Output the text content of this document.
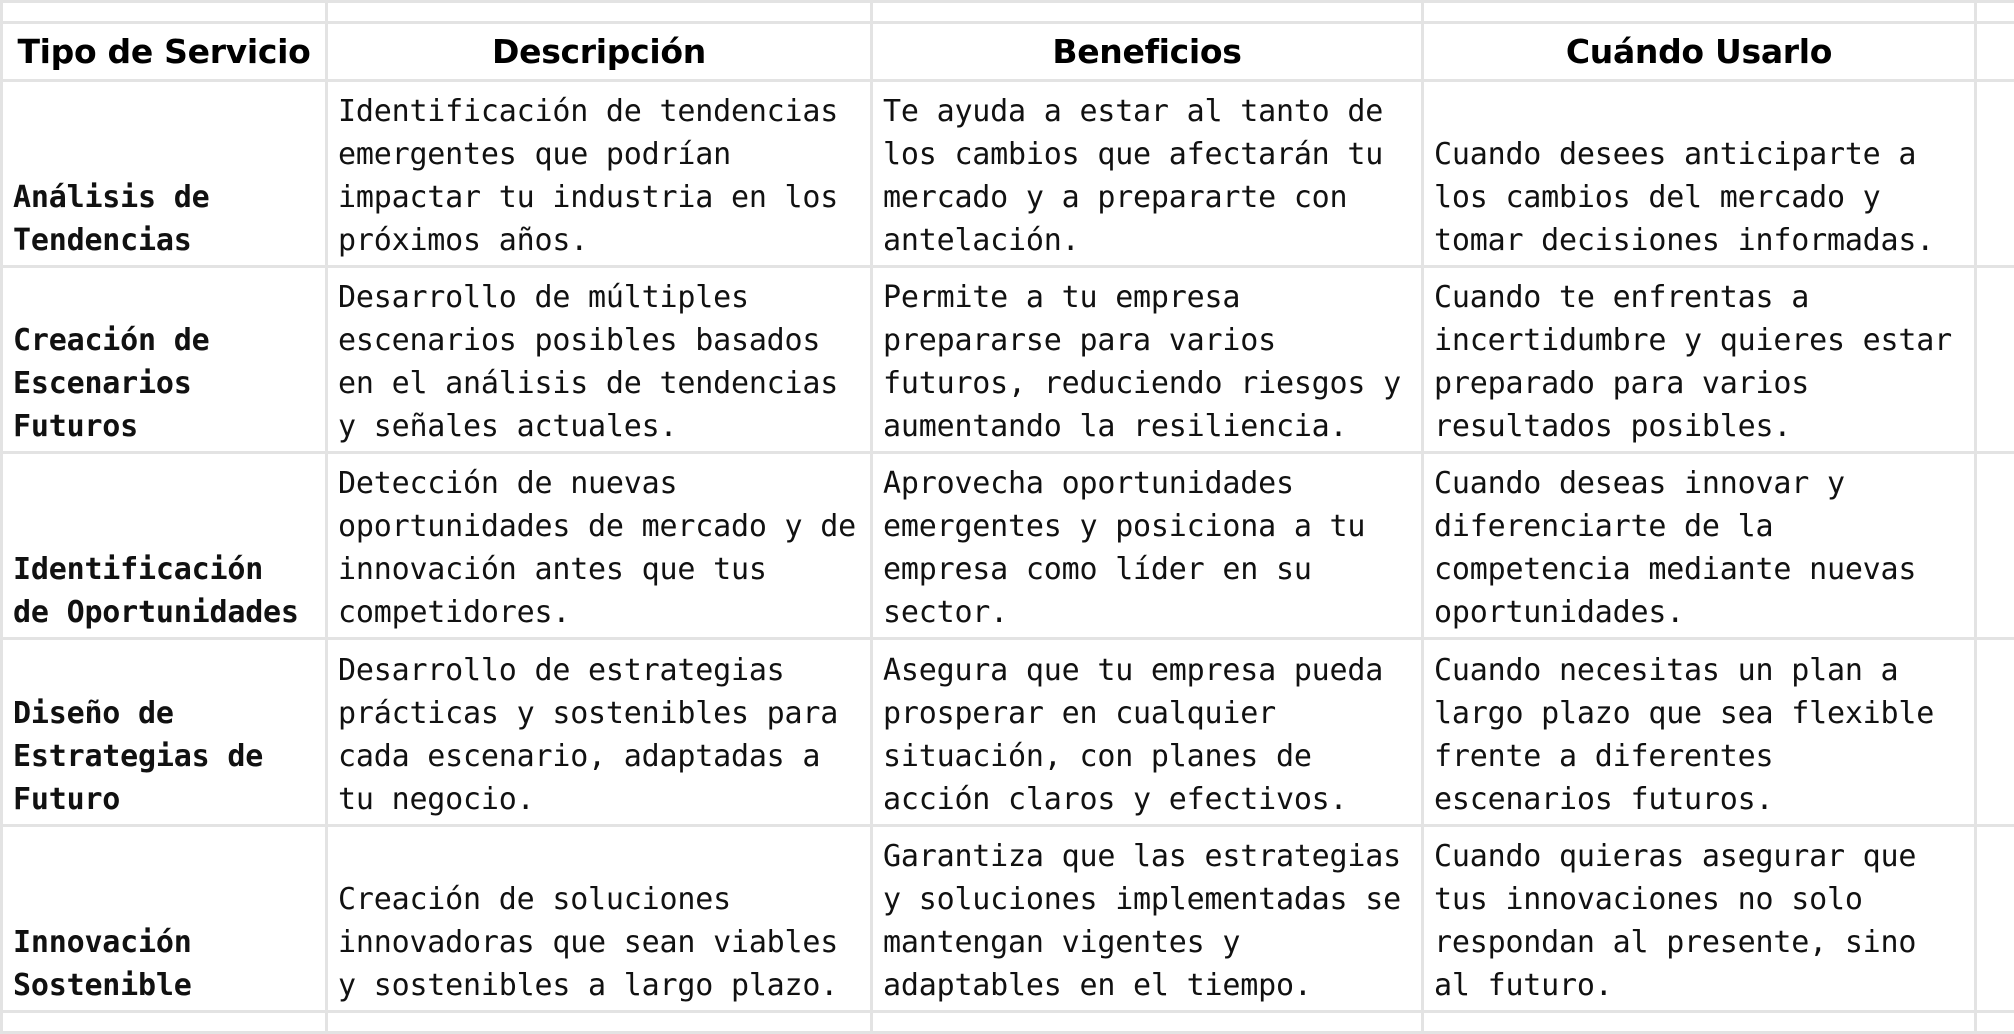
Tipo de Servicio	Descripción	Beneficios	Cuándo Usarlo	
Análisis de Tendencias	Identificación de tendencias emergentes que podrían impactar tu industria en los próximos años.	Te ayuda a estar al tanto de los cambios que afectarán tu mercado y a prepararte con antelación.	Cuando desees anticiparte a los cambios del mercado y tomar decisiones informadas.	
Creación de Escenarios Futuros	Desarrollo de múltiples escenarios posibles basados en el análisis de tendencias y señales actuales.	Permite a tu empresa prepararse para varios futuros, reduciendo riesgos y aumentando la resiliencia.	Cuando te enfrentas a incertidumbre y quieres estar preparado para varios resultados posibles.	
Identificación de Oportunidades	Detección de nuevas oportunidades de mercado y de innovación antes que tus competidores.	Aprovecha oportunidades emergentes y posiciona a tu empresa como líder en su sector.	Cuando deseas innovar y diferenciarte de la competencia mediante nuevas oportunidades.	
Diseño de Estrategias de Futuro	Desarrollo de estrategias prácticas y sostenibles para cada escenario, adaptadas a tu negocio.	Asegura que tu empresa pueda prosperar en cualquier situación, con planes de acción claros y efectivos.	Cuando necesitas un plan a largo plazo que sea flexible frente a diferentes escenarios futuros.	
Innovación Sostenible	Creación de soluciones innovadoras que sean viables y sostenibles a largo plazo.	Garantiza que las estrategias y soluciones implementadas se mantengan vigentes y adaptables en el tiempo.	Cuando quieras asegurar que tus innovaciones no solo respondan al presente, sino al futuro.	
